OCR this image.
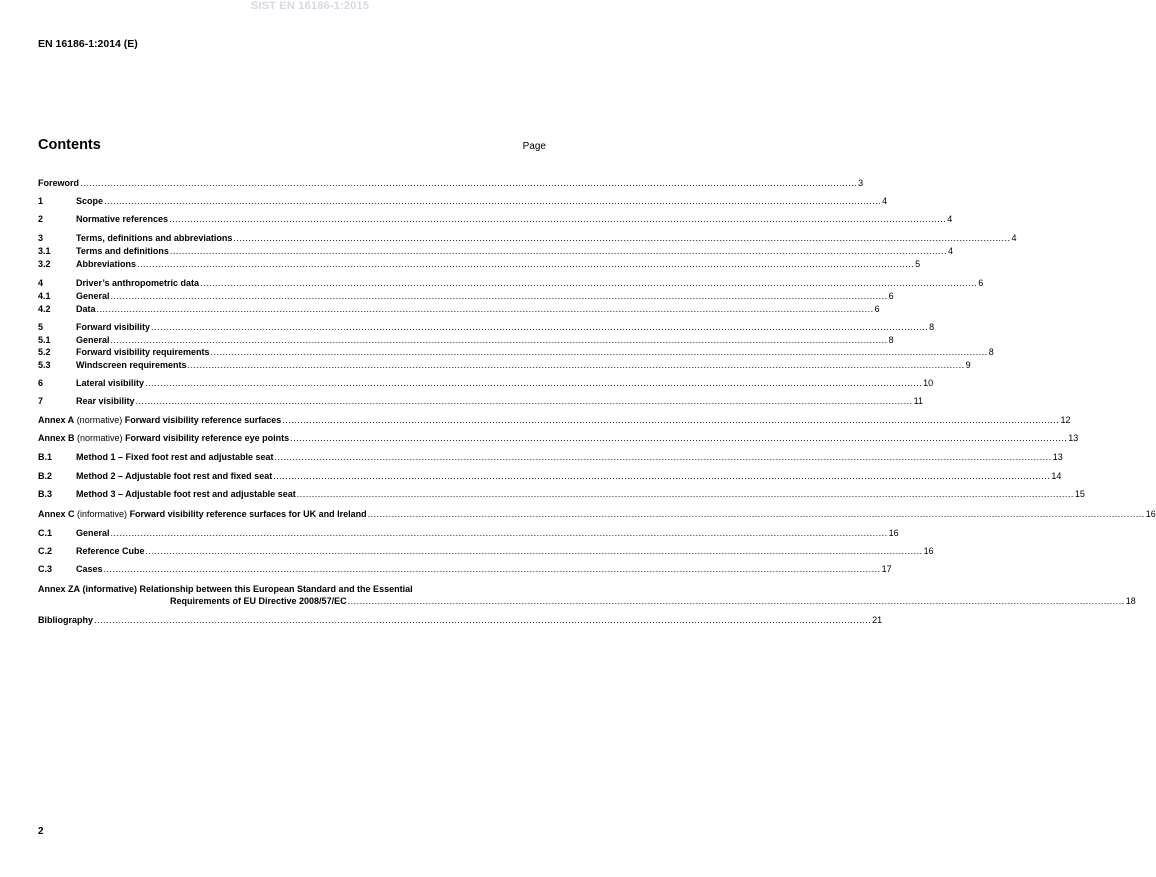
SIST EN 16186-1:2015
EN 16186-1:2014 (E)
Contents	Page
Foreword .....	3
1	Scope .....	4
2	Normative references .....	4
3	Terms, definitions and abbreviations .....	4
3.1	Terms and definitions .....	4
3.2	Abbreviations .....	5
4	Driver’s anthropometric data .....	6
4.1	General .....	6
4.2	Data .....	6
5	Forward visibility .....	8
5.1	General .....	8
5.2	Forward visibility requirements .....	8
5.3	Windscreen requirements .....	9
6	Lateral visibility .....	10
7	Rear visibility .....	11
Annex A (normative) Forward visibility reference surfaces .....	12
Annex B (normative) Forward visibility reference eye points .....	13
B.1	Method 1 – Fixed foot rest and adjustable seat .....	13
B.2	Method 2 – Adjustable foot rest and fixed seat .....	14
B.3	Method 3 – Adjustable foot rest and adjustable seat .....	15
Annex C (informative) Forward visibility reference surfaces for UK and Ireland .....	16
C.1	General .....	16
C.2	Reference Cube .....	16
C.3	Cases .....	17
Annex ZA (informative) Relationship between this European Standard and the Essential
Requirements of EU Directive 2008/57/EC .....	18
Bibliography .....	21
2
